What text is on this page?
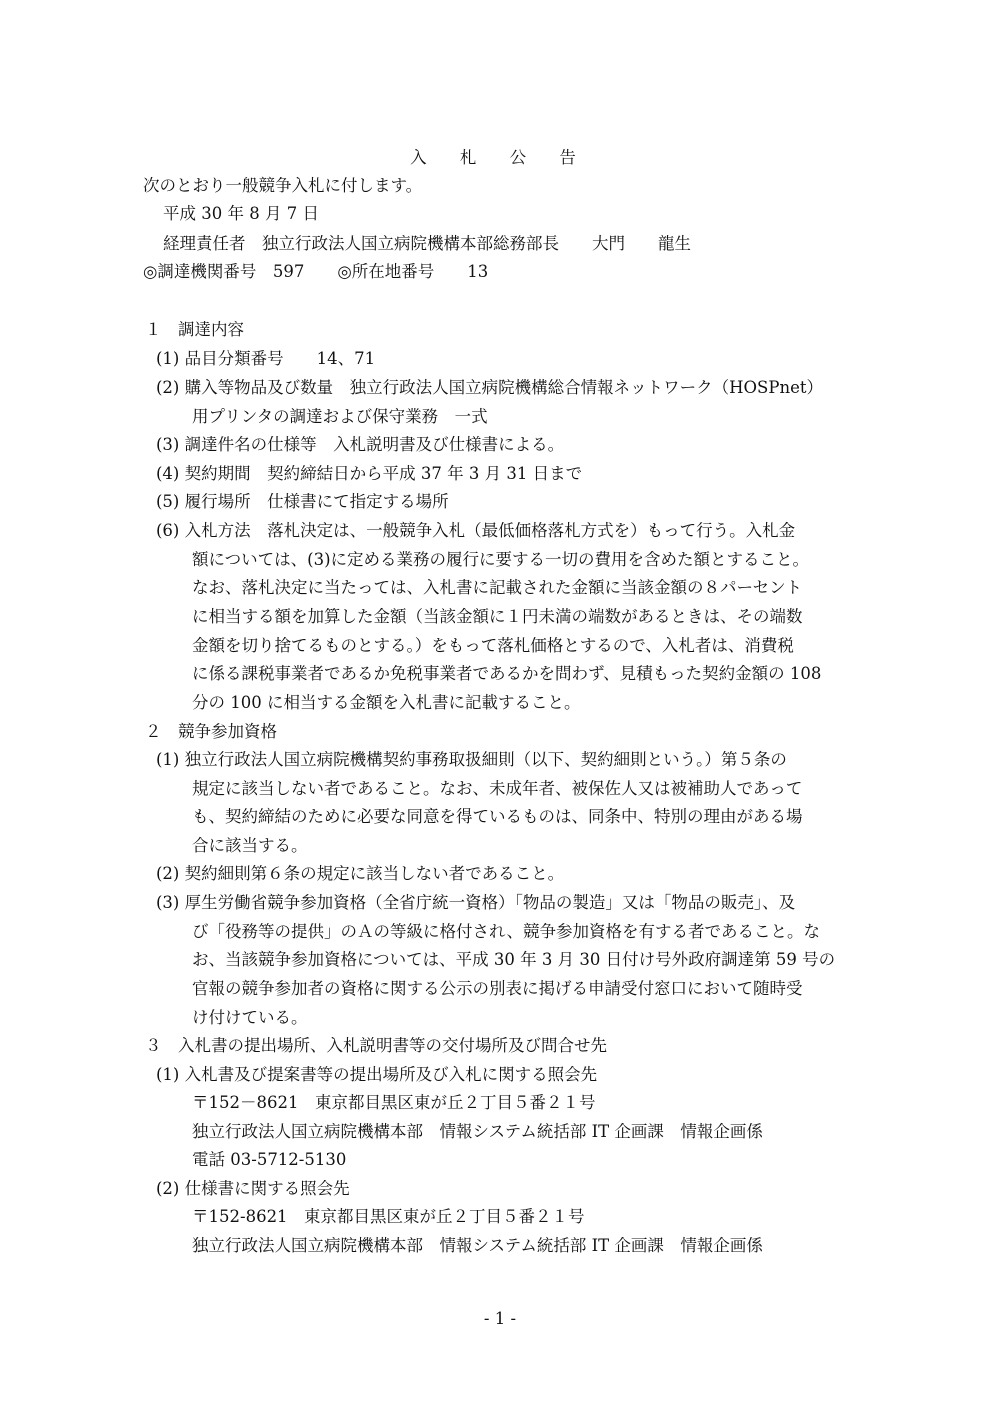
入 札 公 告
次のとおり一般競争入札に付します。
平成 30 年 8 月 7 日
経理責任者　独立行政法人国立病院機構本部総務部長　　大門　　龍生
◎調達機関番号　597　　◎所在地番号　　13
１　調達内容
(1) 品目分類番号　　14、71
(2) 購入等物品及び数量　独立行政法人国立病院機構総合情報ネットワーク（HOSPnet）
用プリンタの調達および保守業務　一式
(3) 調達件名の仕様等　入札説明書及び仕様書による。
(4) 契約期間　契約締結日から平成 37 年 3 月 31 日まで
(5) 履行場所　仕様書にて指定する場所
(6) 入札方法　落札決定は、一般競争入札（最低価格落札方式を）もって行う。入札金
額については、(3)に定める業務の履行に要する一切の費用を含めた額とすること。
なお、落札決定に当たっては、入札書に記載された金額に当該金額の８パーセント
に相当する額を加算した金額（当該金額に１円未満の端数があるときは、その端数
金額を切り捨てるものとする。）をもって落札価格とするので、入札者は、消費税
に係る課税事業者であるか免税事業者であるかを問わず、見積もった契約金額の 108
分の 100 に相当する金額を入札書に記載すること。
２　競争参加資格
(1) 独立行政法人国立病院機構契約事務取扱細則（以下、契約細則という。）第５条の
規定に該当しない者であること。なお、未成年者、被保佐人又は被補助人であって
も、契約締結のために必要な同意を得ているものは、同条中、特別の理由がある場
合に該当する。
(2) 契約細則第６条の規定に該当しない者であること。
(3) 厚生労働省競争参加資格（全省庁統一資格）「物品の製造」又は「物品の販売」、及
び「役務等の提供」のＡの等級に格付され、競争参加資格を有する者であること。な
お、当該競争参加資格については、平成 30 年 3 月 30 日付け号外政府調達第 59 号の
官報の競争参加者の資格に関する公示の別表に掲げる申請受付窓口において随時受
け付けている。
３　入札書の提出場所、入札説明書等の交付場所及び問合せ先
(1) 入札書及び提案書等の提出場所及び入札に関する照会先
〒152－8621　東京都目黒区東が丘２丁目５番２１号
独立行政法人国立病院機構本部　情報システム統括部 IT 企画課　情報企画係
電話 03-5712-5130
(2) 仕様書に関する照会先
〒152-8621　東京都目黒区東が丘２丁目５番２１号
独立行政法人国立病院機構本部　情報システム統括部 IT 企画課　情報企画係
- 1 -
